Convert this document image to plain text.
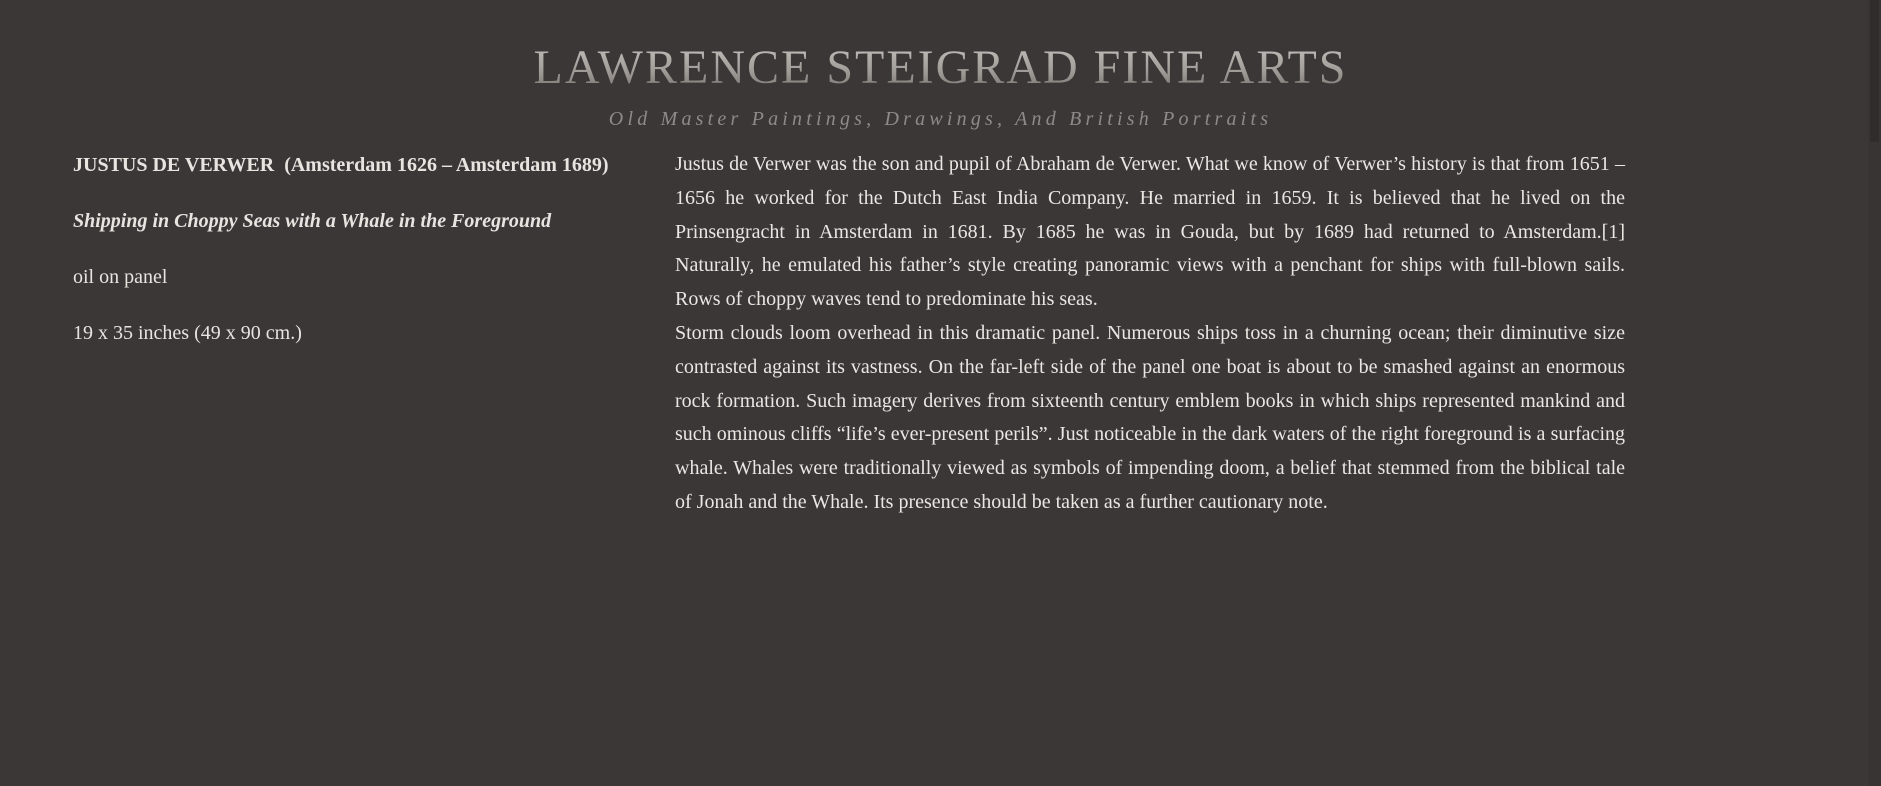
LAWRENCE STEIGRAD FINE ARTS
Old Master Paintings, Drawings, And British Portraits
JUSTUS DE VERWER (Amsterdam 1626 – Amsterdam 1689)
Shipping in Choppy Seas with a Whale in the Foreground
oil on panel
19 x 35 inches (49 x 90 cm.)

Justus de Verwer was the son and pupil of Abraham de Verwer. What we know of Verwer’s history is that from 1651 – 1656 he worked for the Dutch East India Company. He married in 1659. It is believed that he lived on the Prinsengracht in Amsterdam in 1681. By 1685 he was in Gouda, but by 1689 had returned to Amsterdam.[1] Naturally, he emulated his father’s style creating panoramic views with a penchant for ships with full-blown sails. Rows of choppy waves tend to predominate his seas.

Storm clouds loom overhead in this dramatic panel. Numerous ships toss in a churning ocean; their diminutive size contrasted against its vastness. On the far-left side of the panel one boat is about to be smashed against an enormous rock formation. Such imagery derives from sixteenth century emblem books in which ships represented mankind and such ominous cliffs “life’s ever-present perils”. Just noticeable in the dark waters of the right foreground is a surfacing whale. Whales were traditionally viewed as symbols of impending doom, a belief that stemmed from the biblical tale of Jonah and the Whale. Its presence should be taken as a further cautionary note.
